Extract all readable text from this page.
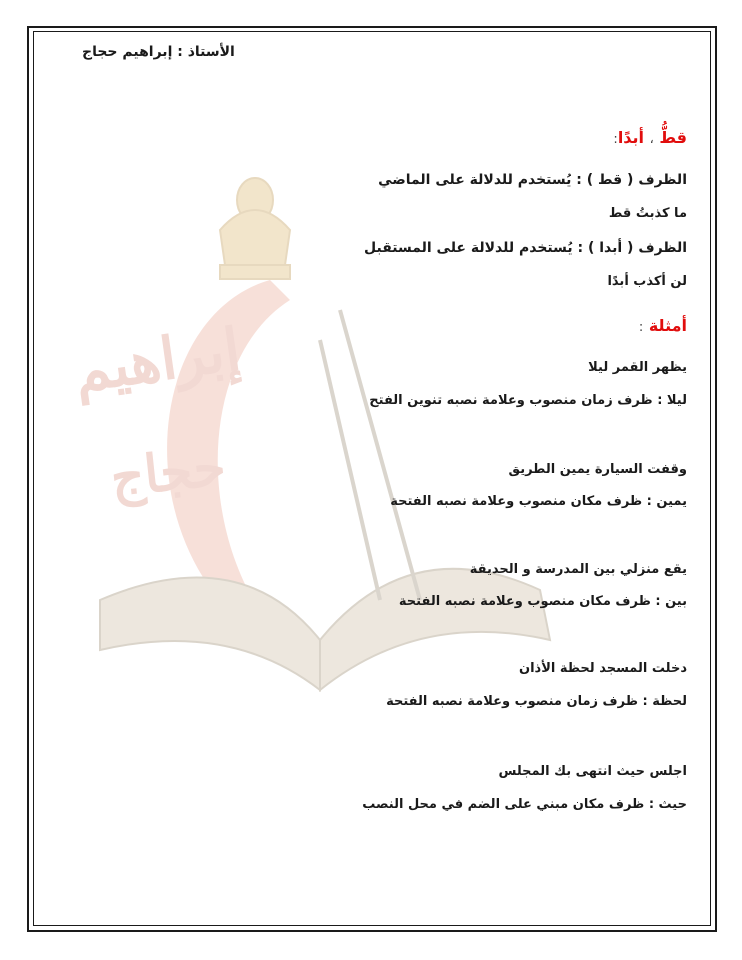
إبراهيم
حجاج
الأستاذ : إبراهيم حجاج
قطُّ ، أبدًا:
الظرف ( قط ) : يُستخدم للدلالة على الماضي
ما كذبتُ قط
الظرف ( أبدا ) : يُستخدم للدلالة على المستقبل
لن أكذب أبدًا
أمثلة :
يظهر القمر ليلا
ليلا : ظرف زمان منصوب وعلامة نصبه تنوين الفتح
وقفت السيارة يمين الطريق
يمين : ظرف مكان منصوب وعلامة نصبه الفتحة
يقع منزلي بين المدرسة و الحديقة
بين : ظرف مكان منصوب وعلامة نصبه الفتحة
دخلت المسجد لحظة الأذان
لحظة : ظرف زمان منصوب وعلامة نصبه الفتحة
اجلس حيث انتهى بك المجلس
حيث : ظرف مكان مبني على الضم في محل النصب
